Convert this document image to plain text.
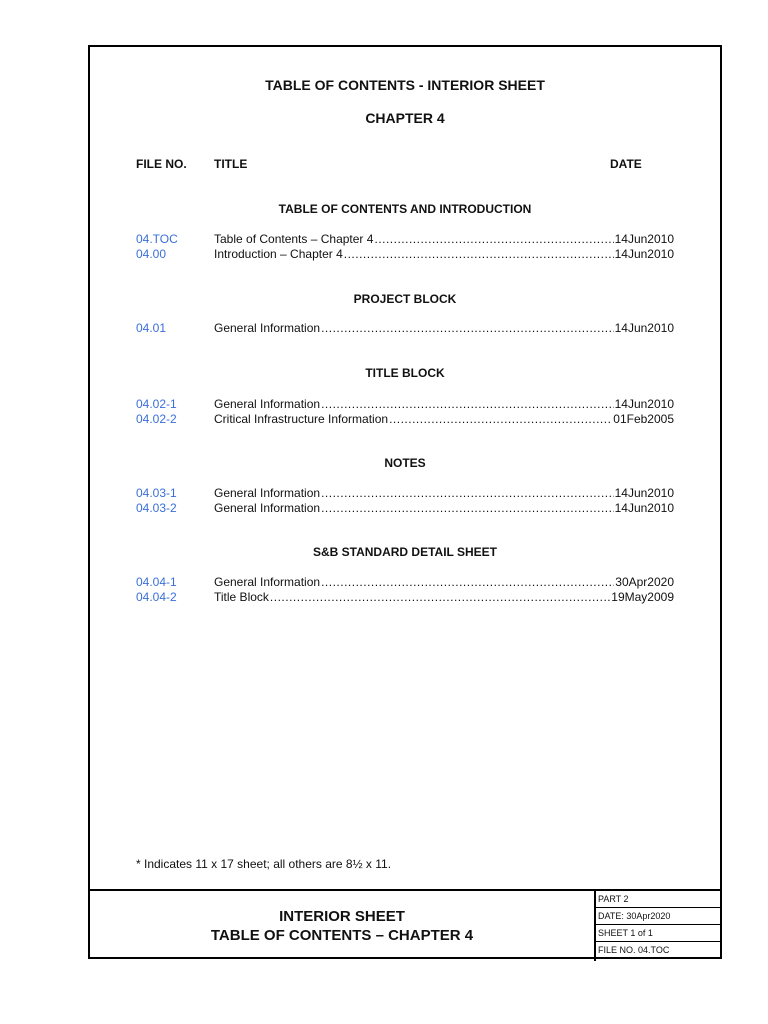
TABLE OF CONTENTS - INTERIOR SHEET
CHAPTER 4
FILE NO. TITLE	DATE
TABLE OF CONTENTS AND INTRODUCTION
04.TOC	Table of Contents – Chapter 4 .....	14Jun2010
04.00	Introduction – Chapter 4 .....	14Jun2010
PROJECT BLOCK
04.01	General Information .....	14Jun2010
TITLE BLOCK
04.02-1	General Information .....	14Jun2010
04.02-2	Critical Infrastructure Information .....	01Feb2005
NOTES
04.03-1	General Information .....	14Jun2010
04.03-2	General Information .....	14Jun2010
S&B STANDARD DETAIL SHEET
04.04-1	General Information .....	30Apr2020
04.04-2	Title Block .....	19May2009
* Indicates 11 x 17 sheet; all others are 8½ x 11.
INTERIOR SHEET
TABLE OF CONTENTS – CHAPTER 4
PART 2
DATE: 30Apr2020
SHEET 1 of 1
FILE NO. 04.TOC
